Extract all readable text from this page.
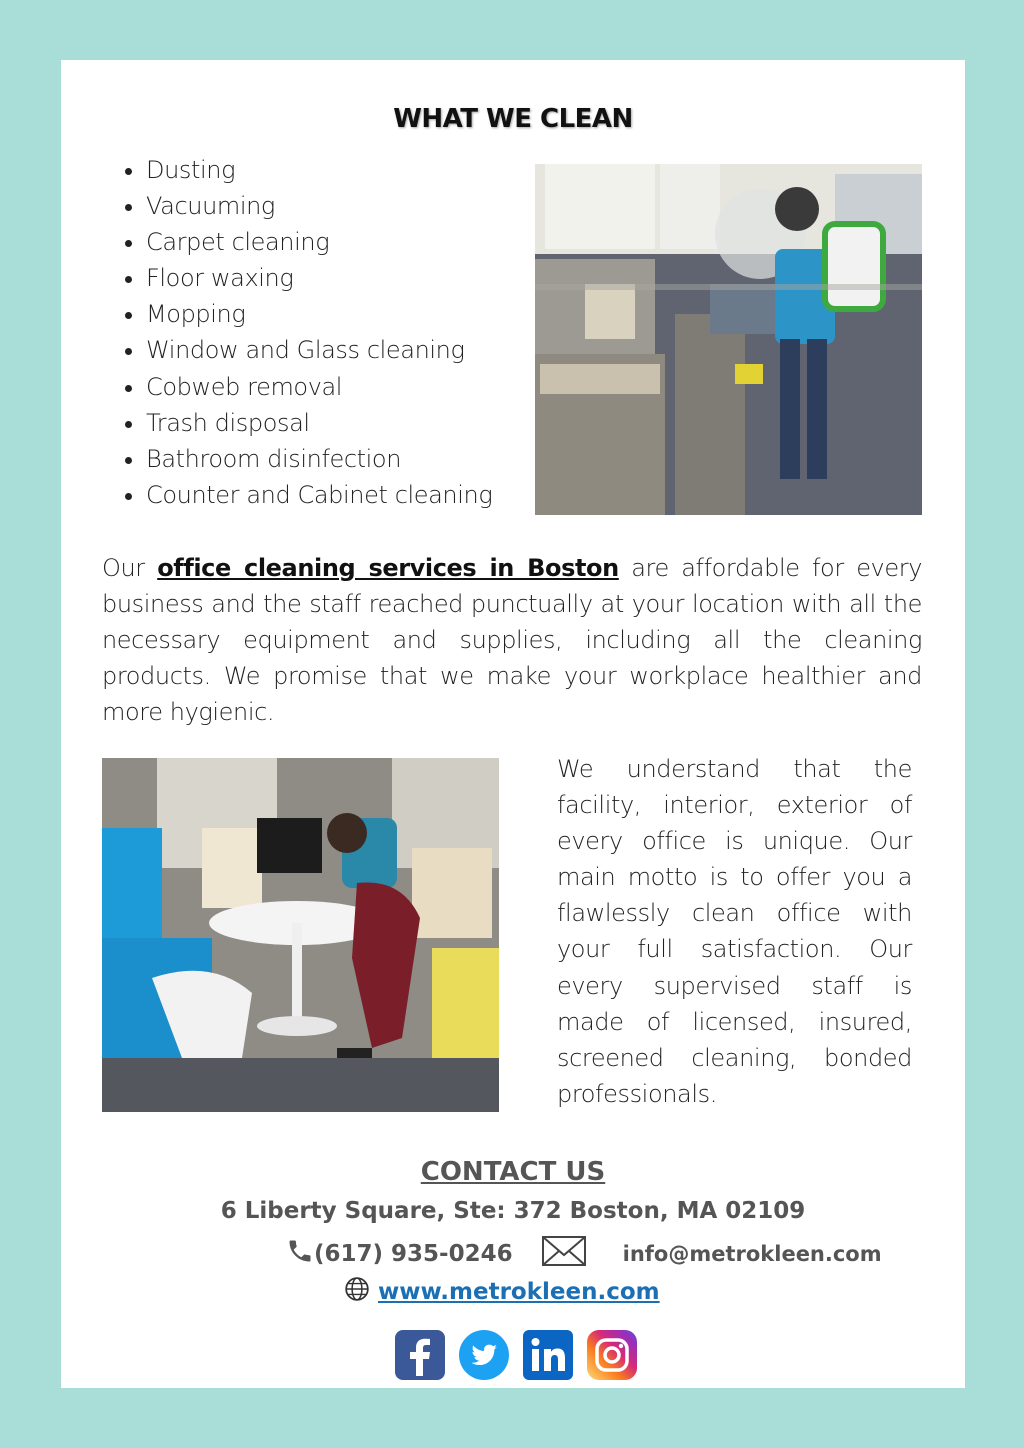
WHAT WE CLEAN
• Dusting
• Vacuuming
• Carpet cleaning
• Floor waxing
• Mopping
• Window and Glass cleaning
• Cobweb removal
• Trash disposal
• Bathroom disinfection
• Counter and Cabinet cleaning
Our office cleaning services in Boston are affordable for every business and the staff reached punctually at your location with all the necessary equipment and supplies, including all the cleaning products. We promise that we make your workplace healthier and more hygienic.
We understand that the facility, interior, exterior of every office is unique. Our main motto is to offer you a flawlessly clean office with your full satisfaction. Our every supervised staff is made of licensed, insured, screened cleaning, bonded professionals.
CONTACT US
6 Liberty Square, Ste: 372 Boston, MA 02109
(617) 935-0246	info@metrokleen.com
www.metrokleen.com
